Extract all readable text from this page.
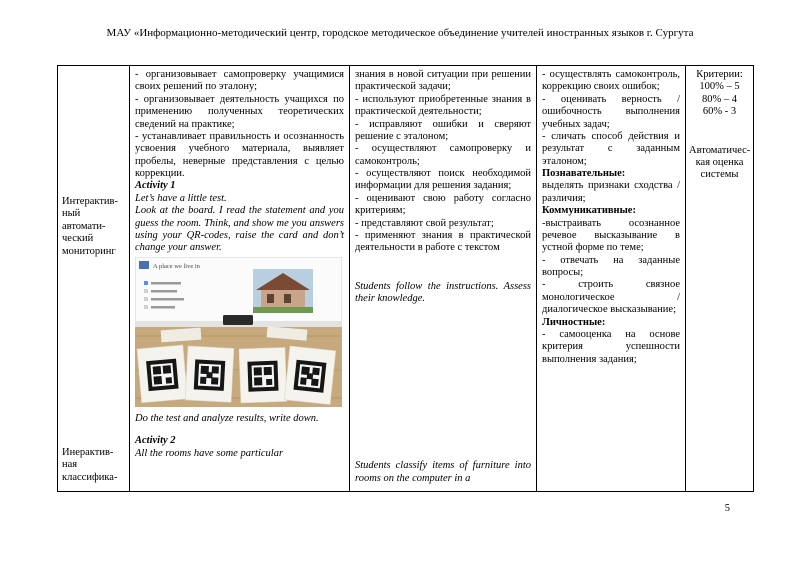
МАУ «Информационно-методический центр, городское методическое объединение учителей иностранных языков г. Сургута
Интерактив-
ный
автомати-
ческий
мониторинг
Инерактив-
ная
классифика-

- организовывает самопроверку учащимися своих решений по эталону;

- организовывает деятельность учащихся по применению полученных теоретических сведений на практике;

- устанавливает правильность и осознанность усвоения учебного материала, выявляет пробелы, неверные представления с целью коррекции.

Activity 1

Let’s have a little test.

Look at the board. I read the statement and you guess the room. Think, and show me you answers using your QR-codes, raise the card and don’t change your answer.

A place we live in

Do the test and analyze results, write down.

Activity 2

All the rooms have some particular

знания в новой ситуации при решении практической задачи;

- используют приобретенные знания в практической деятельности;

- исправляют ошибки и сверяют решение с эталоном;

- осуществляют самопроверку и самоконтроль;

- осуществляют поиск необходимой информации для решения задания;

- оценивают свою работу согласно критериям;

- представляют свой результат;

- применяют знания в практической деятельности в работе с текстом

Students follow the instructions. Assess their knowledge.

Students classify items of furniture into rooms on the computer in a

- осуществлять самоконтроль, коррекцию своих ошибок;

- оценивать верность / ошибочность выполнения учебных задач;

- сличать способ действия и результат с заданным эталоном;

Познавательные:

выделять признаки сходства / различия;

Коммуникативные:

-выстраивать осознанное речевое высказывание в устной форме по теме;

- отвечать на заданные вопросы;

- строить связное монологическое / диалогическое высказывание;

Личностные:

- самооценка на основе критерия успешности выполнения задания;

Критерии:

100% – 5

80% – 4

60% - 3

Автоматичес-
кая оценка
системы
5
